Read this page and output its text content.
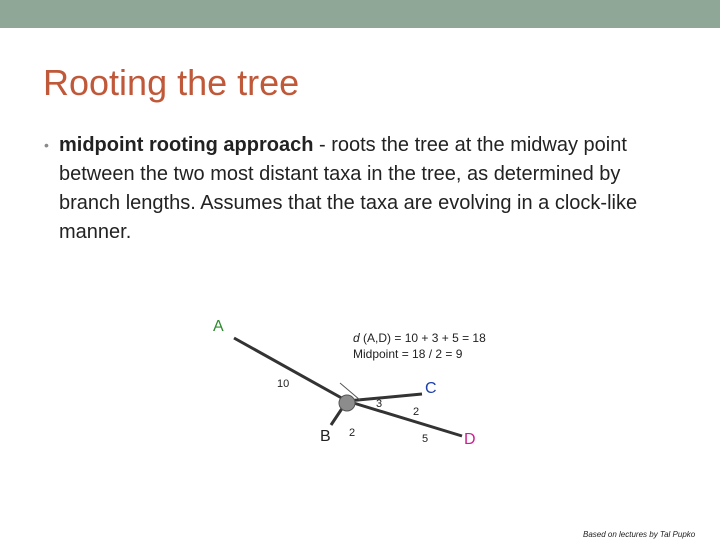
Rooting the tree
• midpoint rooting approach - roots the tree at the midway point between the two most distant taxa in the tree, as determined by branch lengths. Assumes that the taxa are evolving in a clock-like manner.
A
B
C
D
10
3
2
2
5
d (A,D) = 10 + 3 + 5 = 18
Midpoint = 18 / 2 = 9
Based on lectures by Tal Pupko
